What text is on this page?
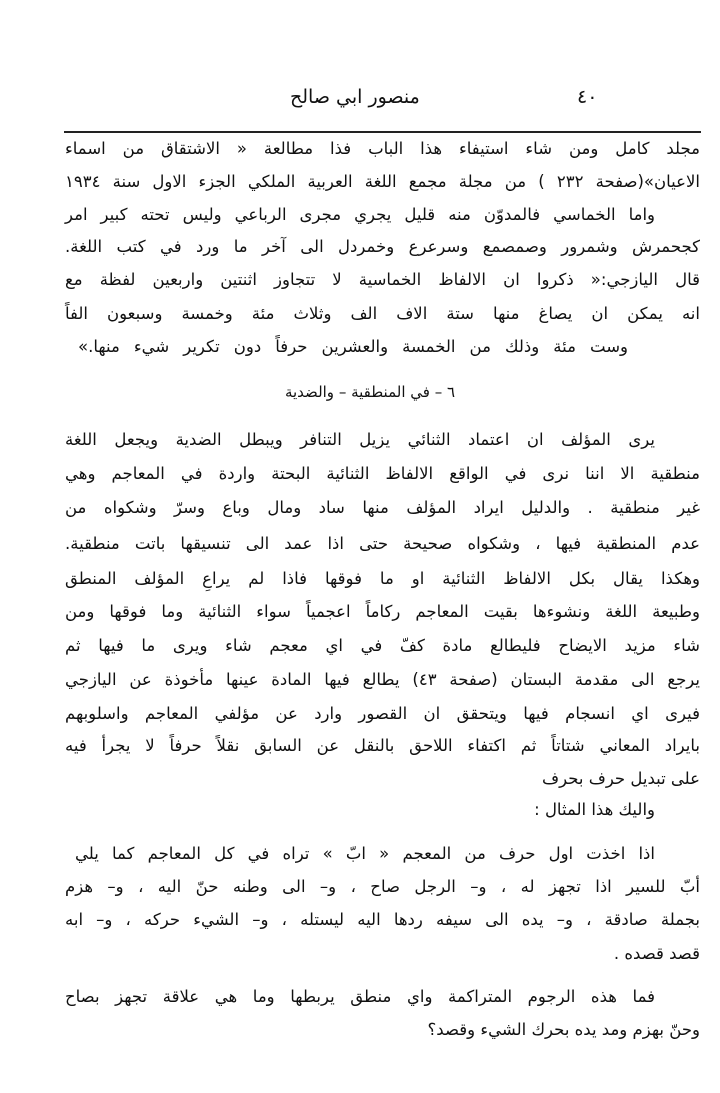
منصور ابي صالح	٤٠
مجلد كامل ومن شاء استيفاء هذا الباب فذا مطالعة « الاشتقاق من اسماء
الاعيان»(صفحة ٢٣٢ ) من مجلة مجمع اللغة العربية الملكي الجزء الاول سنة ١٩٣٤
واما الخماسي فالمدوّن منه قليل يجري مجرى الرباعي وليس تحته كبير امر
كجحمرش وشمرور وصمصمع وسرعرع وخمردل الى آخر ما ورد في كتب اللغة.
قال اليازجي:« ذكروا ان الالفاظ الخماسية لا تتجاوز اثنتين واربعين لفظة مع
انه يمكن ان يصاغ منها ستة الاف الف وثلاث مئة وخمسة وسبعون الفاً
وست مئة وذلك من الخمسة والعشرين حرفاً دون تكرير شيء منها.»
٦ – في المنطقية – والضدية
يرى المؤلف ان اعتماد الثنائي يزيل التنافر ويبطل الضدية ويجعل اللغة
منطقية الا اننا نرى في الواقع الالفاظ الثنائية البحتة واردة في المعاجم وهي
غير منطقية . والدليل ايراد المؤلف منها ساد ومال وباع وسرّ وشكواه من
عدم المنطقية فيها ، وشكواه صحيحة حتى اذا عمد الى تنسيقها باتت منطقية.
وهكذا يقال بكل الالفاظ الثنائية او ما فوقها فاذا لم يراعِ المؤلف المنطق
وطبيعة اللغة ونشوءها بقيت المعاجم ركاماً اعجمياً سواء الثنائية وما فوقها ومن
شاء مزيد الايضاح فليطالع مادة كفّ في اي معجم شاء ويرى ما فيها ثم
يرجع الى مقدمة البستان (صفحة ٤٣) يطالع فيها المادة عينها مأخوذة عن اليازجي
فيرى اي انسجام فيها ويتحقق ان القصور وارد عن مؤلفي المعاجم واسلوبهم
بايراد المعاني شتاتاً ثم اكتفاء اللاحق بالنقل عن السابق نقلاً حرفاً لا يجرأ فيه
على تبديل حرف بحرف
واليك هذا المثال :
اذا اخذت اول حرف من المعجم « ابّ » تراه في كل المعاجم كما يلي
أبّ للسير اذا تجهز له ، و– الرجل صاح ، و– الى وطنه حنّ اليه ، و– هزم
بجملة صادقة ، و– يده الى سيفه ردها اليه ليستله ، و– الشيء حركه ، و– ابه
قصد قصده .
فما هذه الرجوم المتراكمة واي منطق يربطها وما هي علاقة تجهز بصاح
وحنّ بهزم ومد يده بحرك الشيء وقصد؟
